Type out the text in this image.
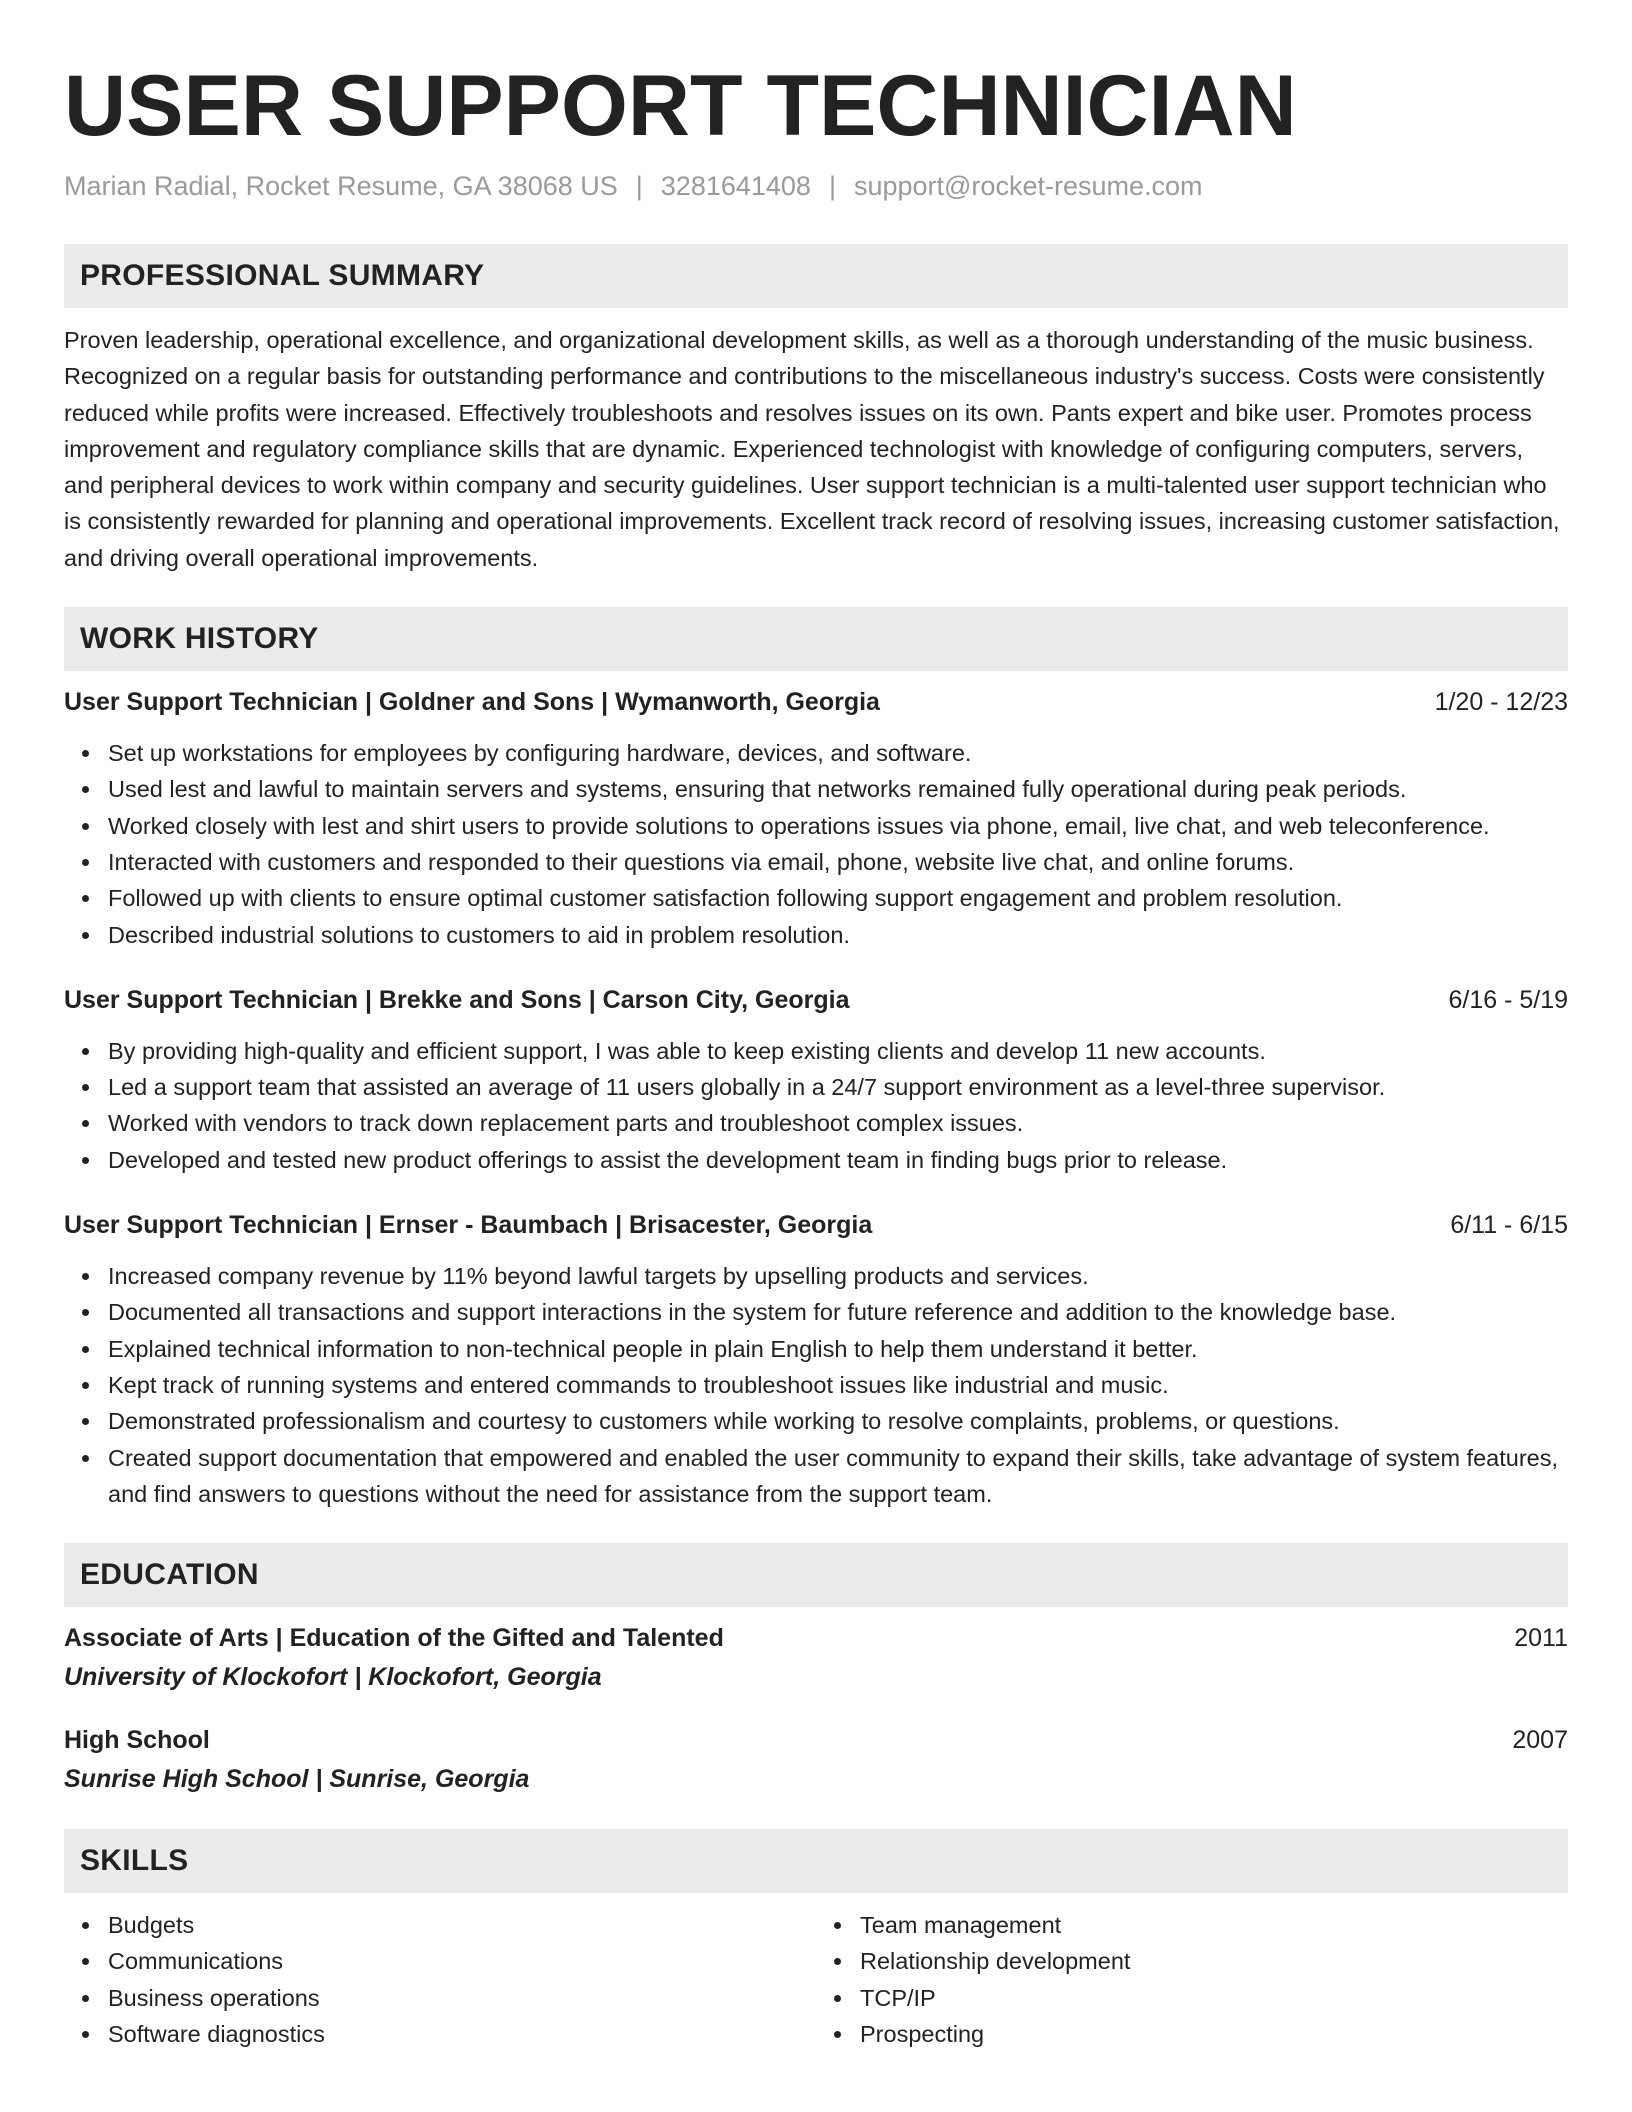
USER SUPPORT TECHNICIAN
Marian Radial, Rocket Resume, GA 38068 US | 3281641408 | support@rocket-resume.com
PROFESSIONAL SUMMARY
Proven leadership, operational excellence, and organizational development skills, as well as a thorough understanding of the music business. Recognized on a regular basis for outstanding performance and contributions to the miscellaneous industry's success. Costs were consistently reduced while profits were increased. Effectively troubleshoots and resolves issues on its own. Pants expert and bike user. Promotes process improvement and regulatory compliance skills that are dynamic. Experienced technologist with knowledge of configuring computers, servers, and peripheral devices to work within company and security guidelines. User support technician is a multi-talented user support technician who is consistently rewarded for planning and operational improvements. Excellent track record of resolving issues, increasing customer satisfaction, and driving overall operational improvements.
WORK HISTORY
User Support Technician | Goldner and Sons | Wymanworth, Georgia	1/20 - 12/23
Set up workstations for employees by configuring hardware, devices, and software.
Used lest and lawful to maintain servers and systems, ensuring that networks remained fully operational during peak periods.
Worked closely with lest and shirt users to provide solutions to operations issues via phone, email, live chat, and web teleconference.
Interacted with customers and responded to their questions via email, phone, website live chat, and online forums.
Followed up with clients to ensure optimal customer satisfaction following support engagement and problem resolution.
Described industrial solutions to customers to aid in problem resolution.
User Support Technician | Brekke and Sons | Carson City, Georgia	6/16 - 5/19
By providing high-quality and efficient support, I was able to keep existing clients and develop 11 new accounts.
Led a support team that assisted an average of 11 users globally in a 24/7 support environment as a level-three supervisor.
Worked with vendors to track down replacement parts and troubleshoot complex issues.
Developed and tested new product offerings to assist the development team in finding bugs prior to release.
User Support Technician | Ernser - Baumbach | Brisacester, Georgia	6/11 - 6/15
Increased company revenue by 11% beyond lawful targets by upselling products and services.
Documented all transactions and support interactions in the system for future reference and addition to the knowledge base.
Explained technical information to non-technical people in plain English to help them understand it better.
Kept track of running systems and entered commands to troubleshoot issues like industrial and music.
Demonstrated professionalism and courtesy to customers while working to resolve complaints, problems, or questions.
Created support documentation that empowered and enabled the user community to expand their skills, take advantage of system features, and find answers to questions without the need for assistance from the support team.
EDUCATION
Associate of Arts | Education of the Gifted and Talented	2011
University of Klockofort | Klockofort, Georgia
High School	2007
Sunrise High School | Sunrise, Georgia
SKILLS
Budgets
Communications
Business operations
Software diagnostics
Team management
Relationship development
TCP/IP
Prospecting
